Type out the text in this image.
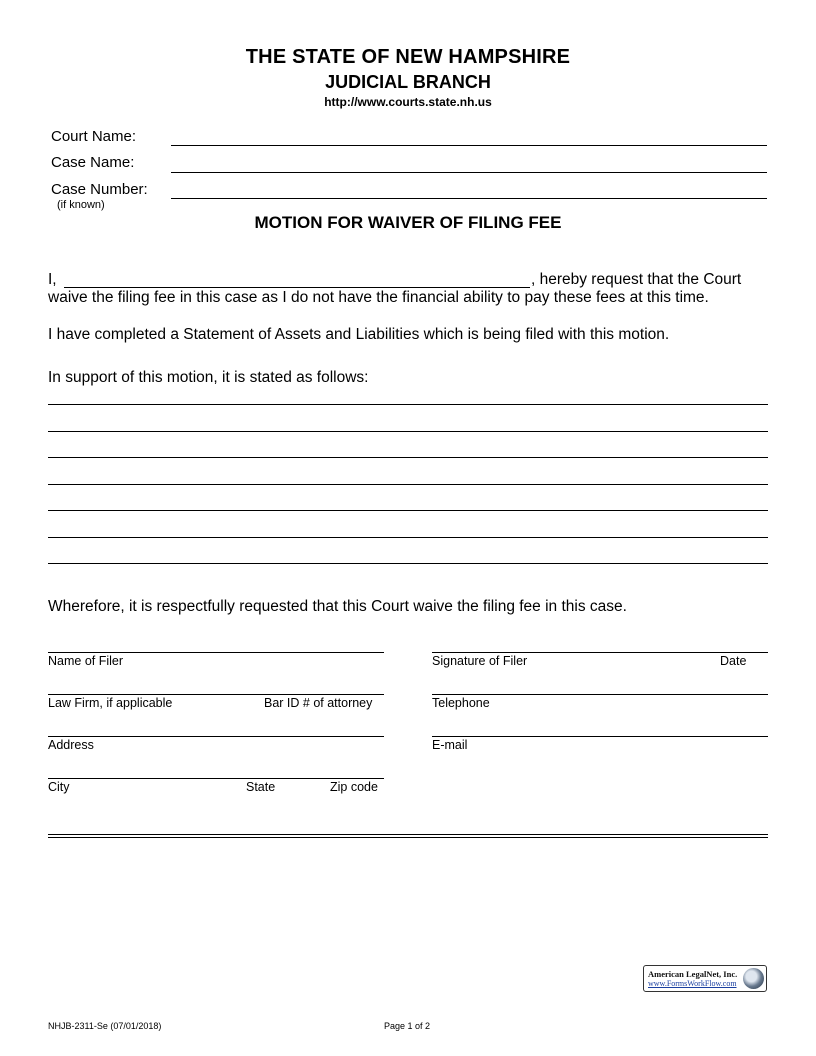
THE STATE OF NEW HAMPSHIRE
JUDICIAL BRANCH
http://www.courts.state.nh.us
Court Name:
Case Name:
Case Number:
(if known)
MOTION FOR WAIVER OF FILING FEE
I,	, hereby request that the Court
waive the filing fee in this case as I do not have the financial ability to pay these fees at this time.
I have completed a Statement of Assets and Liabilities which is being filed with this motion.
In support of this motion, it is stated as follows:
Wherefore, it is respectfully requested that this Court waive the filing fee in this case.
Name of Filer
Law Firm, if applicable	Bar ID # of attorney
Address
City	State	Zip code
Signature of Filer	Date
Telephone
E-mail
American LegalNet, Inc.
www.FormsWorkFlow.com
NHJB-2311-Se (07/01/2018)	Page 1 of 2
